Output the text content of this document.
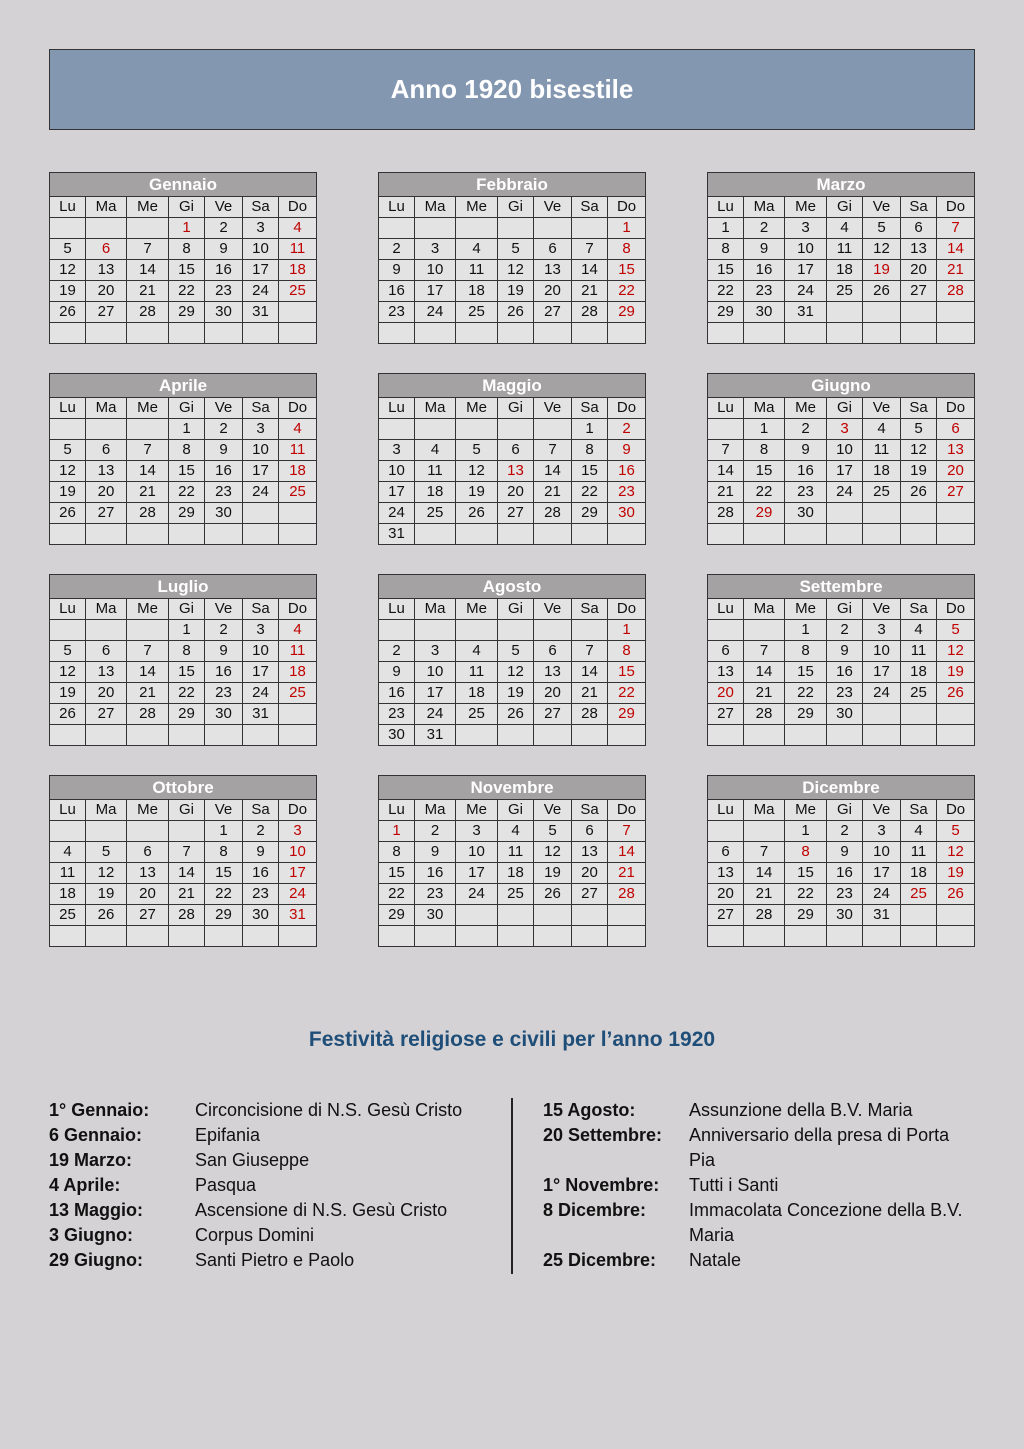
Anno 1920 bisestile
Gennaio						
Lu	Ma	Me	Gi	Ve	Sa	Do
			1	2	3	4
5	6	7	8	9	10	11
12	13	14	15	16	17	18
19	20	21	22	23	24	25
26	27	28	29	30	31	

Febbraio						
Lu	Ma	Me	Gi	Ve	Sa	Do
						1
2	3	4	5	6	7	8
9	10	11	12	13	14	15
16	17	18	19	20	21	22
23	24	25	26	27	28	29

Marzo						
Lu	Ma	Me	Gi	Ve	Sa	Do
1	2	3	4	5	6	7
8	9	10	11	12	13	14
15	16	17	18	19	20	21
22	23	24	25	26	27	28
29	30	31				

Aprile						
Lu	Ma	Me	Gi	Ve	Sa	Do
			1	2	3	4
5	6	7	8	9	10	11
12	13	14	15	16	17	18
19	20	21	22	23	24	25
26	27	28	29	30		

Maggio						
Lu	Ma	Me	Gi	Ve	Sa	Do
					1	2
3	4	5	6	7	8	9
10	11	12	13	14	15	16
17	18	19	20	21	22	23
24	25	26	27	28	29	30
31						
Giugno						
Lu	Ma	Me	Gi	Ve	Sa	Do
	1	2	3	4	5	6
7	8	9	10	11	12	13
14	15	16	17	18	19	20
21	22	23	24	25	26	27
28	29	30				

Luglio						
Lu	Ma	Me	Gi	Ve	Sa	Do
			1	2	3	4
5	6	7	8	9	10	11
12	13	14	15	16	17	18
19	20	21	22	23	24	25
26	27	28	29	30	31	

Agosto						
Lu	Ma	Me	Gi	Ve	Sa	Do
						1
2	3	4	5	6	7	8
9	10	11	12	13	14	15
16	17	18	19	20	21	22
23	24	25	26	27	28	29
30	31					
Settembre						
Lu	Ma	Me	Gi	Ve	Sa	Do
		1	2	3	4	5
6	7	8	9	10	11	12
13	14	15	16	17	18	19
20	21	22	23	24	25	26
27	28	29	30			

Ottobre						
Lu	Ma	Me	Gi	Ve	Sa	Do
				1	2	3
4	5	6	7	8	9	10
11	12	13	14	15	16	17
18	19	20	21	22	23	24
25	26	27	28	29	30	31

Novembre						
Lu	Ma	Me	Gi	Ve	Sa	Do
1	2	3	4	5	6	7
8	9	10	11	12	13	14
15	16	17	18	19	20	21
22	23	24	25	26	27	28
29	30					

Dicembre						
Lu	Ma	Me	Gi	Ve	Sa	Do
		1	2	3	4	5
6	7	8	9	10	11	12
13	14	15	16	17	18	19
20	21	22	23	24	25	26
27	28	29	30	31		

Festività religiose e civili per l’anno 1920
1° Gennaio:	Circoncisione di N.S. Gesù Cristo
6 Gennaio:	Epifania
19 Marzo:	San Giuseppe
4 Aprile:	Pasqua
13 Maggio:	Ascensione di N.S. Gesù Cristo
3 Giugno:	Corpus Domini
29 Giugno:	Santi Pietro e Paolo
15 Agosto:	Assunzione della B.V. Maria
20 Settembre:	Anniversario della presa di Porta Pia
1° Novembre:	Tutti i Santi
8 Dicembre:	Immacolata Concezione della B.V. Maria
25 Dicembre:	Natale
